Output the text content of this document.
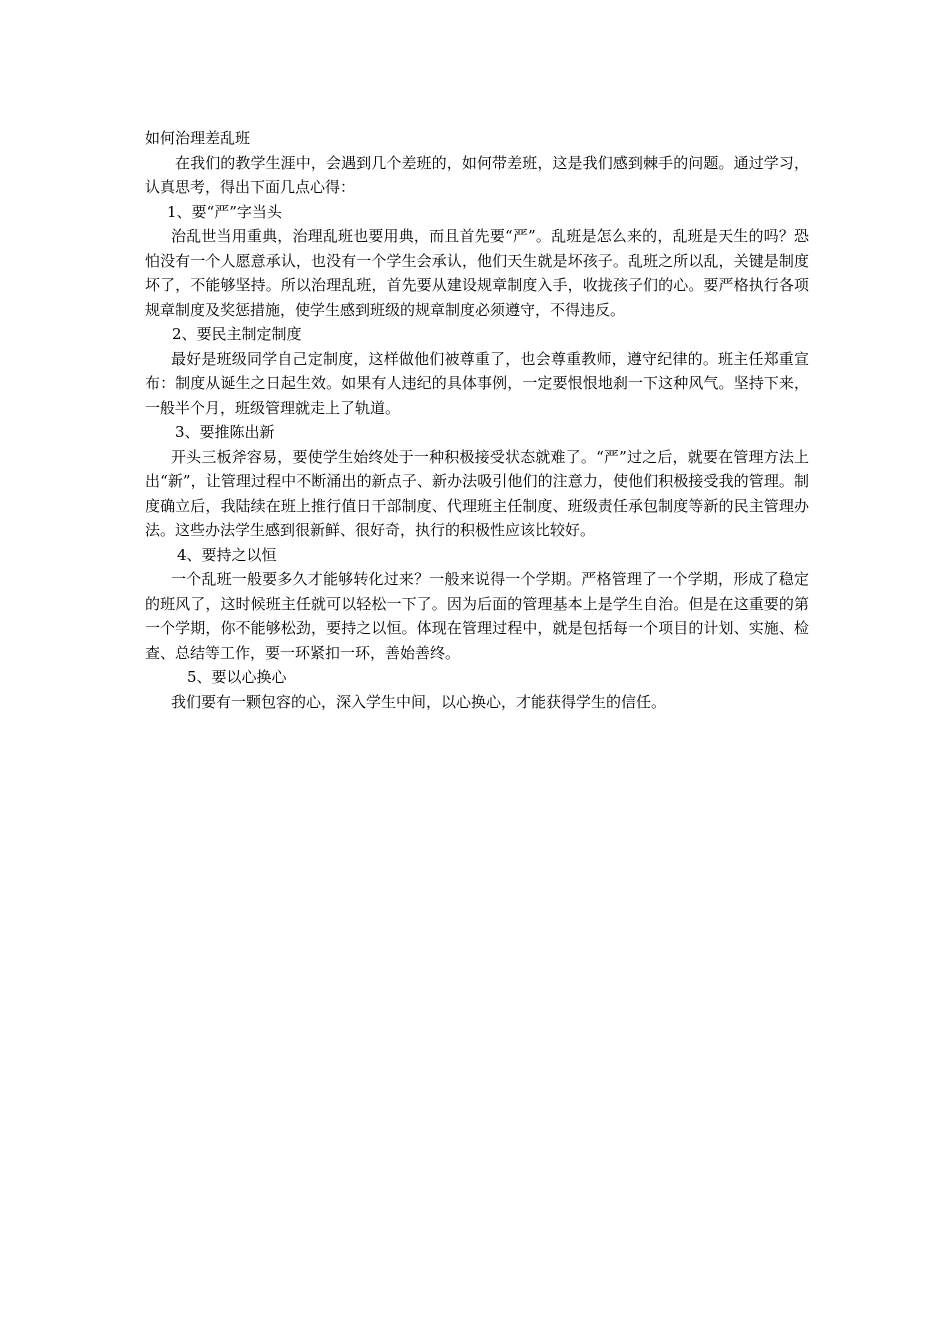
如何治理差乱班

在我们的教学生涯中，会遇到几个差班的，如何带差班，这是我们感到棘手的问题。通过学习，认真思考，得出下面几点心得：

1、要“严”字当头

治乱世当用重典，治理乱班也要用典，而且首先要“严”。乱班是怎么来的，乱班是天生的吗？恐怕没有一个人愿意承认，也没有一个学生会承认，他们天生就是坏孩子。乱班之所以乱，关键是制度坏了，不能够坚持。所以治理乱班，首先要从建设规章制度入手，收拢孩子们的心。要严格执行各项规章制度及奖惩措施，使学生感到班级的规章制度必须遵守，不得违反。

2、要民主制定制度

最好是班级同学自己定制度，这样做他们被尊重了，也会尊重教师，遵守纪律的。班主任郑重宣布：制度从诞生之日起生效。如果有人违纪的具体事例，一定要恨恨地刹一下这种风气。坚持下来，一般半个月，班级管理就走上了轨道。

3、要推陈出新

开头三板斧容易，要使学生始终处于一种积极接受状态就难了。“严”过之后，就要在管理方法上出“新”，让管理过程中不断涌出的新点子、新办法吸引他们的注意力，使他们积极接受我的管理。制度确立后，我陆续在班上推行值日干部制度、代理班主任制度、班级责任承包制度等新的民主管理办法。这些办法学生感到很新鲜、很好奇，执行的积极性应该比较好。

4、要持之以恒

一个乱班一般要多久才能够转化过来？一般来说得一个学期。严格管理了一个学期，形成了稳定的班风了，这时候班主任就可以轻松一下了。因为后面的管理基本上是学生自治。但是在这重要的第一个学期，你不能够松劲，要持之以恒。体现在管理过程中，就是包括每一个项目的计划、实施、检查、总结等工作，要一环紧扣一环，善始善终。

5、要以心换心

我们要有一颗包容的心，深入学生中间，以心换心，才能获得学生的信任。
